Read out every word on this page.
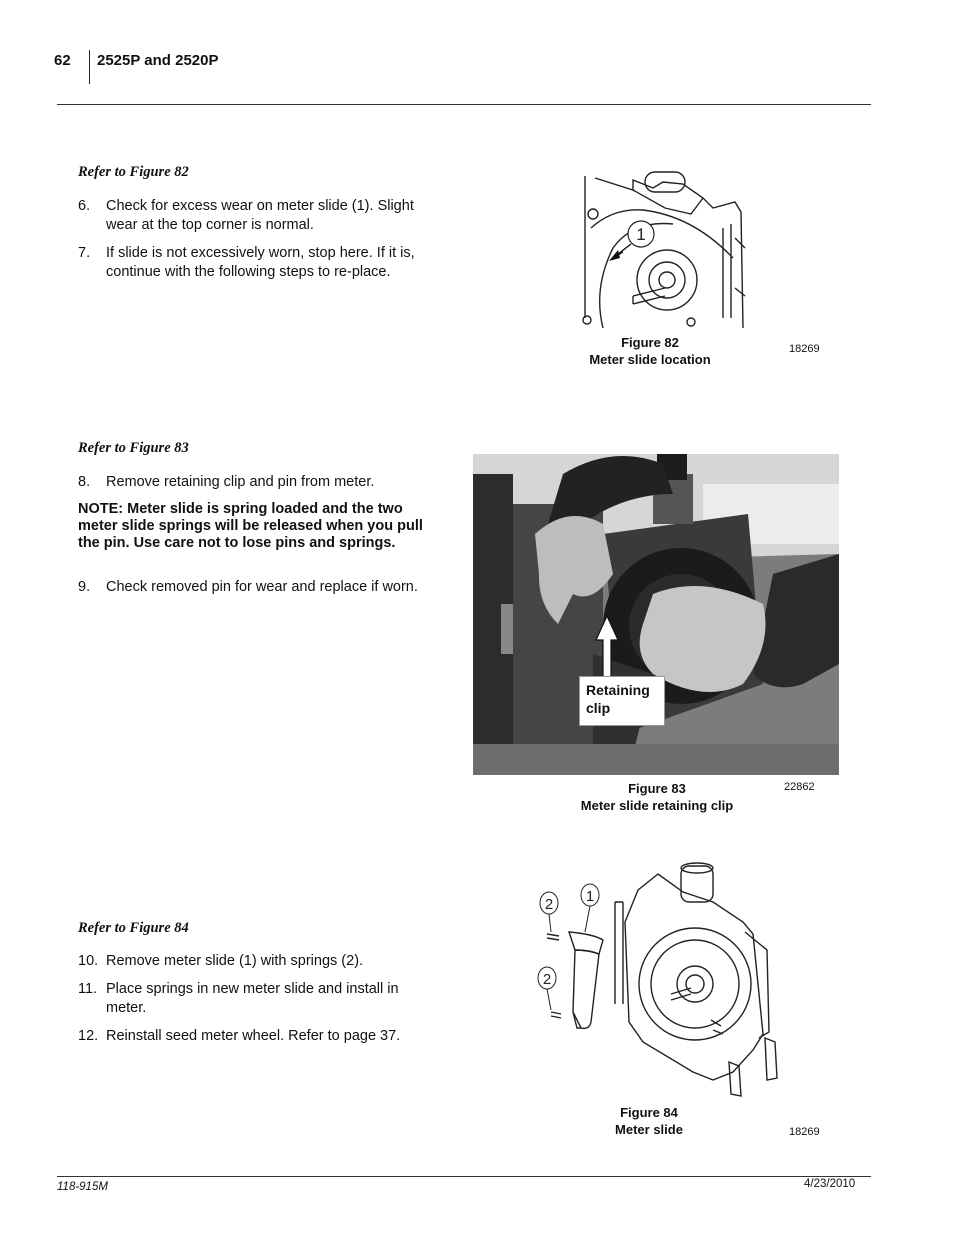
62 2525P and 2520P
Refer to Figure 82
6.	Check for excess wear on meter slide (1). Slight wear at the top corner is normal.
7.	If slide is not excessively worn, stop here. If it is, continue with the following steps to re-place.
1
Figure 82
Meter slide location
18269
Refer to Figure 83
8.	Remove retaining clip and pin from meter.
NOTE: Meter slide is spring loaded and the two meter slide springs will be released when you pull the pin. Use care not to lose pins and springs.
9.	Check removed pin for wear and replace if worn.
Retaining clip
Figure 83
Meter slide retaining clip
22862
Refer to Figure 84
10. Remove meter slide (1) with springs (2).
11. Place springs in new meter slide and install in meter.
12. Reinstall seed meter wheel. Refer to page 37.
2 1
2
Figure 84
Meter slide	18269
118-915M	4/23/2010
